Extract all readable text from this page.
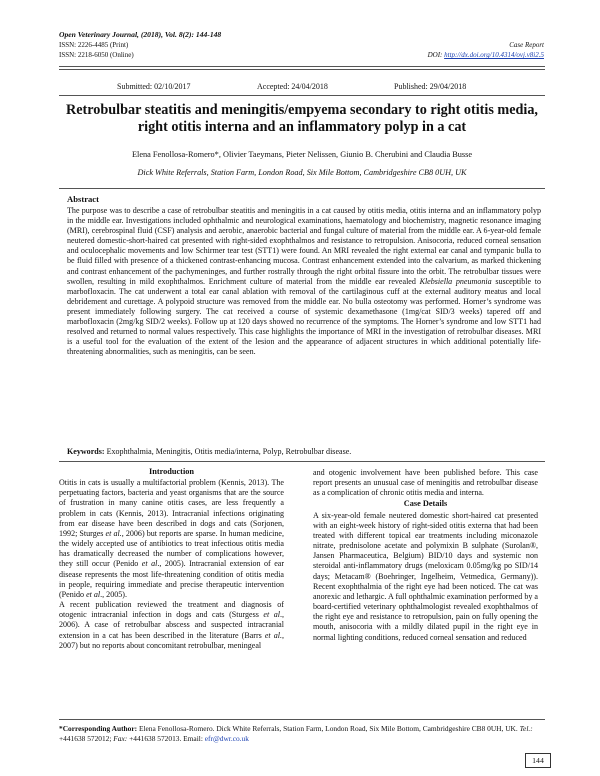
Open Veterinary Journal, (2018), Vol. 8(2): 144-148
ISSN: 2226-4485 (Print)
ISSN: 2218-6050 (Online)
Case Report
DOI: http://dx.doi.org/10.4314/ovj.v8i2.5
Submitted: 02/10/2017	Accepted: 24/04/2018	Published: 29/04/2018
Retrobulbar steatitis and meningitis/empyema secondary to right otitis media,
right otitis interna and an inflammatory polyp in a cat
Elena Fenollosa-Romero*, Olivier Taeymans, Pieter Nelissen, Giunio B. Cherubini and Claudia Busse
Dick White Referrals, Station Farm, London Road, Six Mile Bottom, Cambridgeshire CB8 0UH, UK
Abstract

The purpose was to describe a case of retrobulbar steatitis and meningitis in a cat caused by otitis media, otitis interna and an inflammatory polyp in the middle ear. Investigations included ophthalmic and neurological examinations, haematology and biochemistry, magnetic resonance imaging (MRI), cerebrospinal fluid (CSF) analysis and aerobic, anaerobic bacterial and fungal culture of material from the middle ear. A 6-year-old female neutered domestic-short-haired cat presented with right-sided exophthalmos and resistance to retropulsion. Anisocoria, reduced corneal sensation and oculocephalic movements and low Schirmer tear test (STT1) were found. An MRI revealed the right external ear canal and tympanic bulla to be fluid filled with presence of a thickened contrast-enhancing mucosa. Contrast enhancement extended into the calvarium, as marked thickening and contrast enhancement of the pachymeninges, and further rostrally through the right orbital fissure into the orbit. The retrobulbar tissues were swollen, resulting in mild exophthalmos. Enrichment culture of material from the middle ear revealed Klebsiella pneumonia susceptible to marbofloxacin. The cat underwent a total ear canal ablation with removal of the cartilaginous cuff at the external auditory meatus and local debridement and curettage. A polypoid structure was removed from the middle ear. No bulla osteotomy was performed. Horner’s syndrome was present immediately following surgery. The cat received a course of systemic dexamethasone (1mg/cat SID/3 weeks) tapered off and marbofloxacin (2mg/kg SID/2 weeks). Follow up at 120 days showed no recurrence of the symptoms. The Horner’s syndrome and low STT1 had resolved and returned to normal values respectively. This case highlights the importance of MRI in the investigation of retrobulbar diseases. MRI is a useful tool for the evaluation of the extent of the lesion and the appearance of adjacent structures in which additional potentially life-threatening abnormalities, such as meningitis, can be seen.

Keywords: Exophthalmia, Meningitis, Otitis media/interna, Polyp, Retrobulbar disease.
Introduction

Otitis in cats is usually a multifactorial problem (Kennis, 2013). The perpetuating factors, bacteria and yeast organisms that are the source of frustration in many canine otitis cases, are less frequently a problem in cats (Kennis, 2013). Intracranial infections originating from ear disease have been described in dogs and cats (Sorjonen, 1992; Sturges et al., 2006) but reports are sparse. In human medicine, the widely accepted use of antibiotics to treat infectious otitis media has dramatically decreased the number of complications however, they still occur (Penido et al., 2005). Intracranial extension of ear disease represents the most life-threatening condition of otitis media in people, requiring immediate and precise therapeutic intervention (Penido et al., 2005).

A recent publication reviewed the treatment and diagnosis of otogenic intracranial infection in dogs and cats (Sturgess et al., 2006). A case of retrobulbar abscess and suspected intracranial extension in a cat has been described in the literature (Barrs et al., 2007) but no reports about concomitant retrobulbar, meningeal

and otogenic involvement have been published before. This case report presents an unusual case of meningitis and retrobulbar disease as a complication of chronic otitis media and interna.

Case Details

A six-year-old female neutered domestic short-haired cat presented with an eight-week history of right-sided otitis externa that had been treated with different topical ear treatments including miconazole nitrate, prednisolone acetate and polymixin B sulphate (Surolan®, Jansen Pharmaceutica, Belgium) BID/10 days and systemic non steroidal anti-inflammatory drugs (meloxicam 0.05mg/kg po SID/14 days; Metacam® (Boehringer, Ingelheim, Vetmedica, Germany)). Recent exophthalmia of the right eye had been noticed. The cat was anorexic and lethargic. A full ophthalmic examination performed by a board-certified veterinary ophthalmologist revealed exophthalmos of the right eye and resistance to retropulsion, pain on fully opening the mouth, anisocoria with a mildly dilated pupil in the right eye in normal lighting conditions, reduced corneal sensation and reduced

*Corresponding Author: Elena Fenollosa-Romero. Dick White Referrals, Station Farm, London Road, Six Mile Bottom, Cambridgeshire CB8 0UH, UK. Tel.: +441638 572012; Fax: +441638 572013. Email: efr@dwr.co.uk
144
